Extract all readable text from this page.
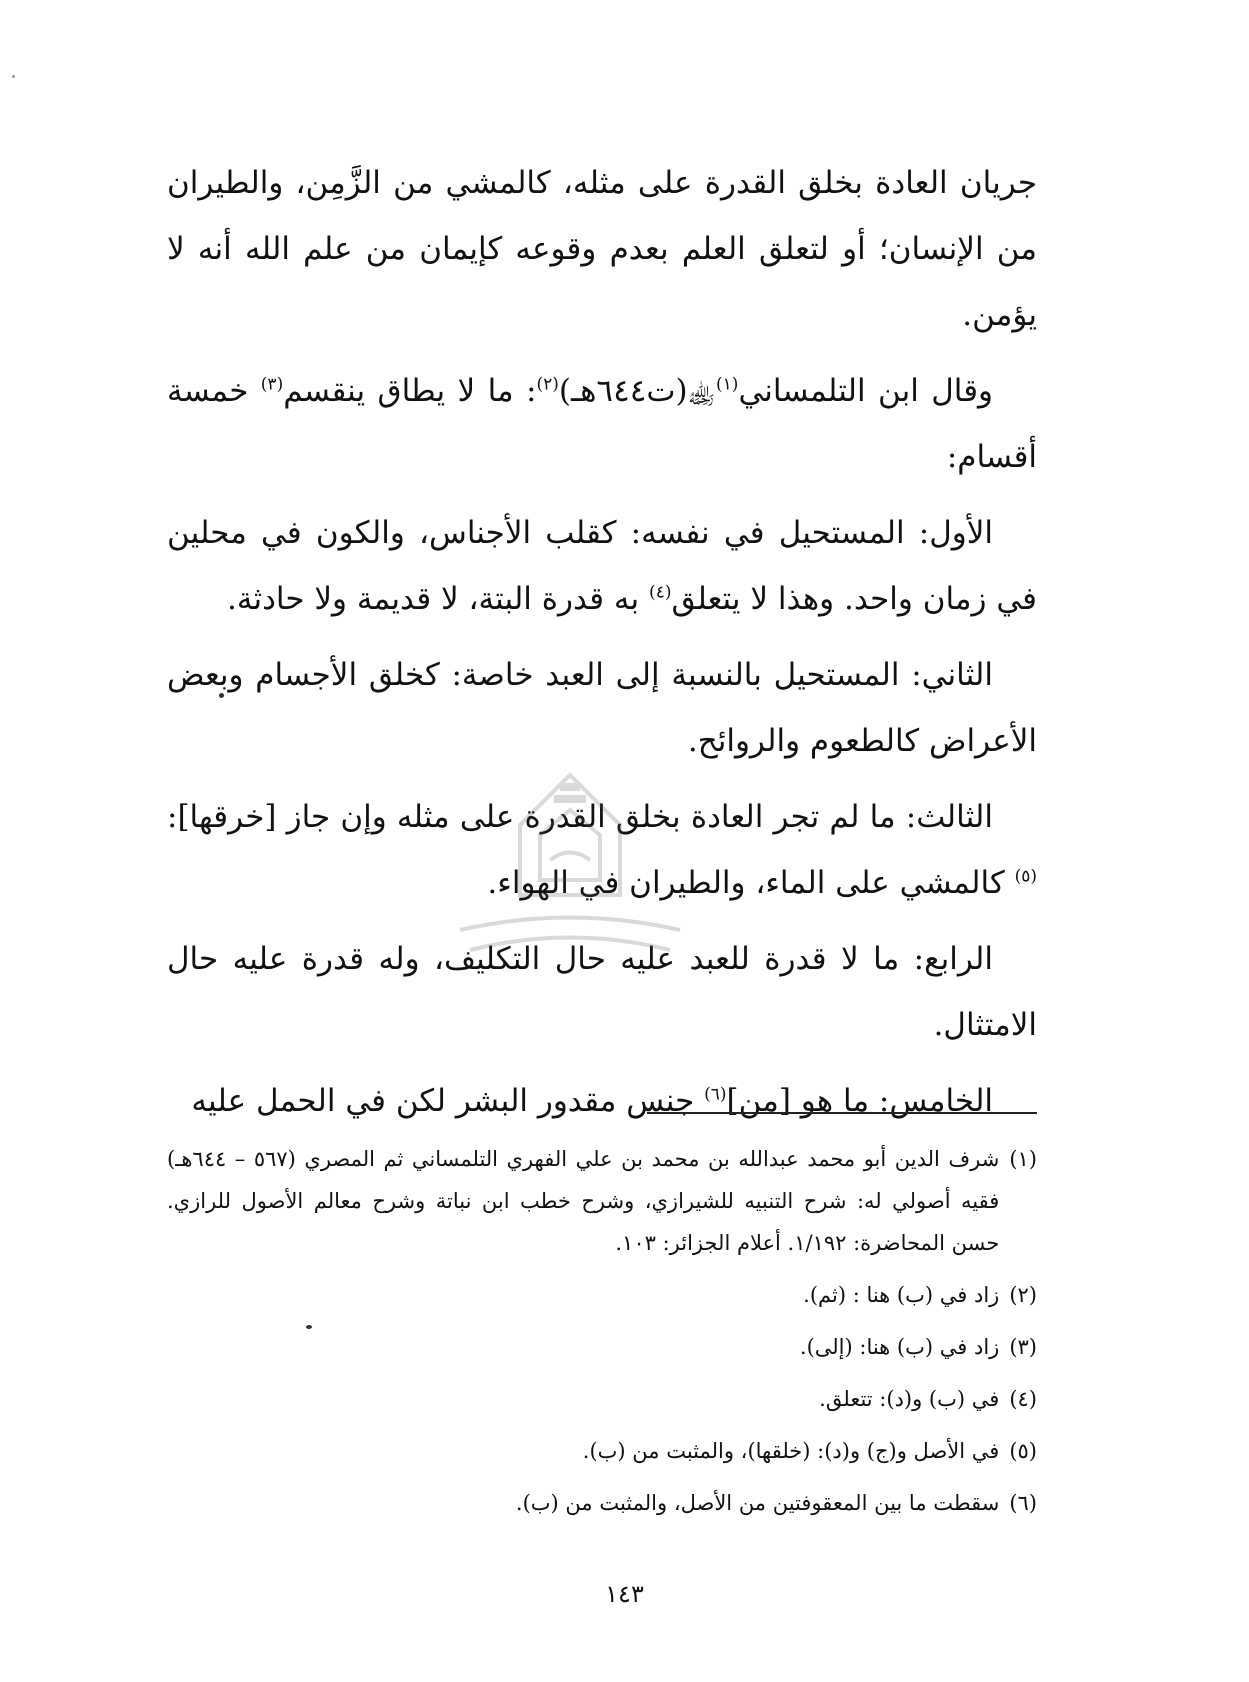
جريان العادة بخلق القدرة على مثله، كالمشي من الزَّمِن، والطيران من الإنسان؛ أو لتعلق العلم بعدم وقوعه كإيمان من علم الله أنه لا يؤمن.

وقال ابن التلمساني$^{(١)}$﵀(ت٦٤٤هـ)$^{(٢)}$: ما لا يطاق ينقسم$^{(٣)}$ خمسة أقسام:

الأول: المستحيل في نفسه: كقلب الأجناس، والكون في محلين في زمان واحد. وهذا لا يتعلق$^{(٤)}$ به قدرة البتة، لا قديمة ولا حادثة.

الثاني: المستحيل بالنسبة إلى العبد خاصة: كخلق الأجسام وبعض الأعراض كالطعوم والروائح.

الثالث: ما لم تجر العادة بخلق القدرة على مثله وإن جاز [خرقها]:$^{(٥)}$ كالمشي على الماء، والطيران في الهواء.

الرابع: ما لا قدرة للعبد عليه حال التكليف، وله قدرة عليه حال الامتثال.

الخامس: ما هو [من]$^{(٦)}$ جنس مقدور البشر لكن في الحمل عليه

(١)
شرف الدين أبو محمد عبدالله بن محمد بن علي الفهري التلمساني ثم المصري (٥٦٧ – ٦٤٤هـ) فقيه أصولي له: شرح التنبيه للشيرازي، وشرح خطب ابن نباتة وشرح معالم الأصول للرازي. حسن المحاضرة: ١/١٩٢. أعلام الجزائر: ١٠٣.
(٢)
زاد في (ب) هنا : (ثم).
(٣)
زاد في (ب) هنا: (إلى).
(٤)
في (ب) و(د): تتعلق.
(٥)
في الأصل و(ج) و(د): (خلقها)، والمثبت من (ب).
(٦)
سقطت ما بين المعقوفتين من الأصل، والمثبت من (ب).
١٤٣
